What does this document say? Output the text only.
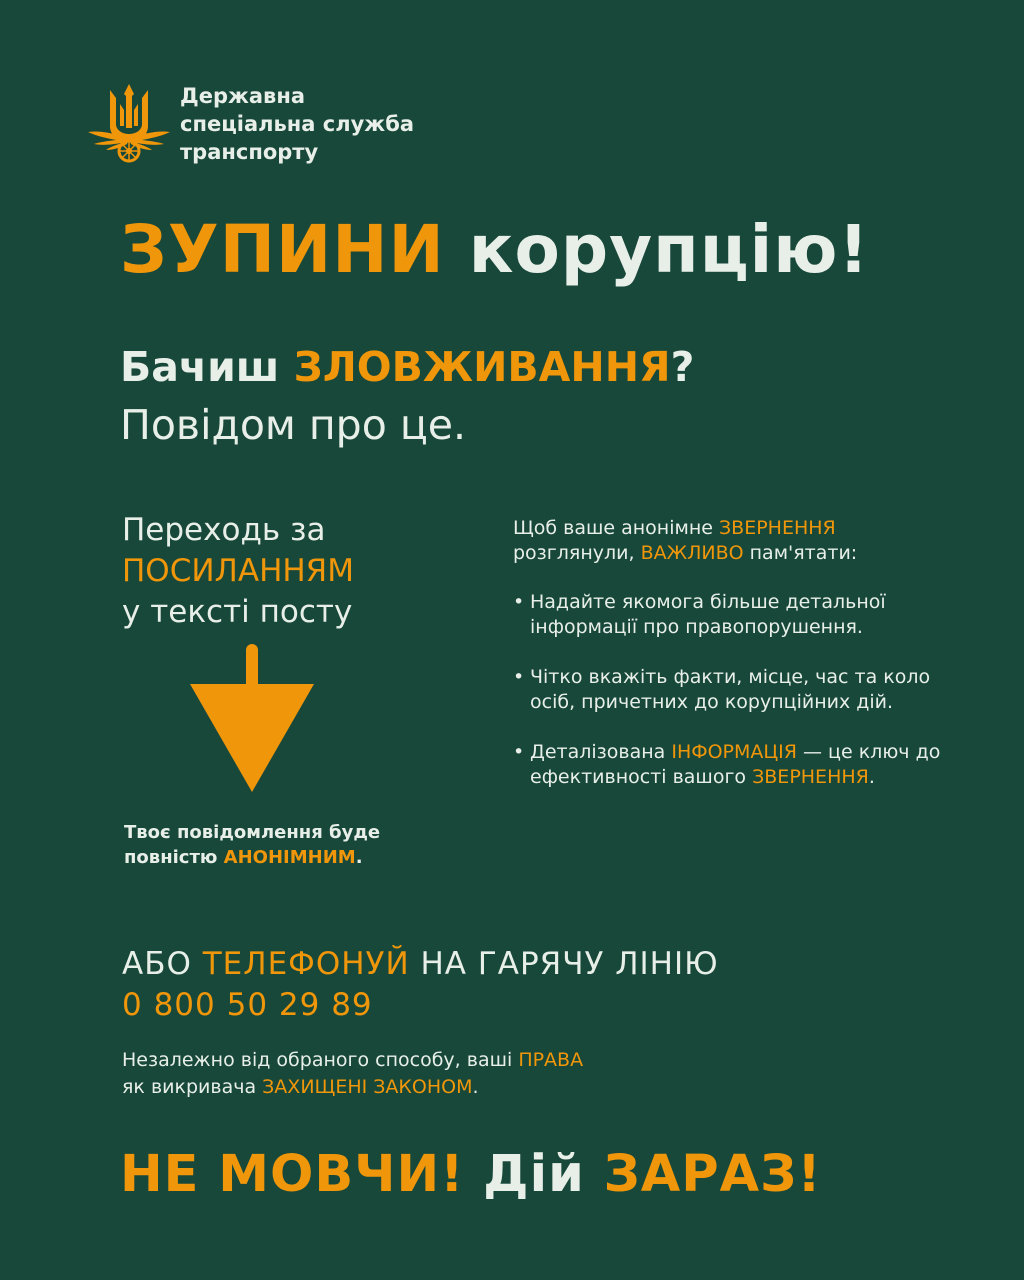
Державна
спеціальна служба
транспорту
ЗУПИНИ корупцію!
Бачиш ЗЛОВЖИВАННЯ?
Повідом про це.
Переходь за
ПОСИЛАННЯМ
у тексті посту
Твоє повідомлення буде
повністю АНОНІМНИМ.
Щоб ваше анонімне ЗВЕРНЕННЯ
розглянули, ВАЖЛИВО пам'ятати:
• Надайте якомога більше детальної інформації про правопорушення.
• Чітко вкажіть факти, місце, час та коло осіб, причетних до корупційних дій.
• Деталізована ІНФОРМАЦІЯ — це ключ до ефективності вашого ЗВЕРНЕННЯ.
АБО ТЕЛЕФОНУЙ НА ГАРЯЧУ ЛІНІЮ
0 800 50 29 89
Незалежно від обраного способу, ваші ПРАВА
як викривача ЗАХИЩЕНІ ЗАКОНОМ.
НЕ МОВЧИ! Дій ЗАРАЗ!
